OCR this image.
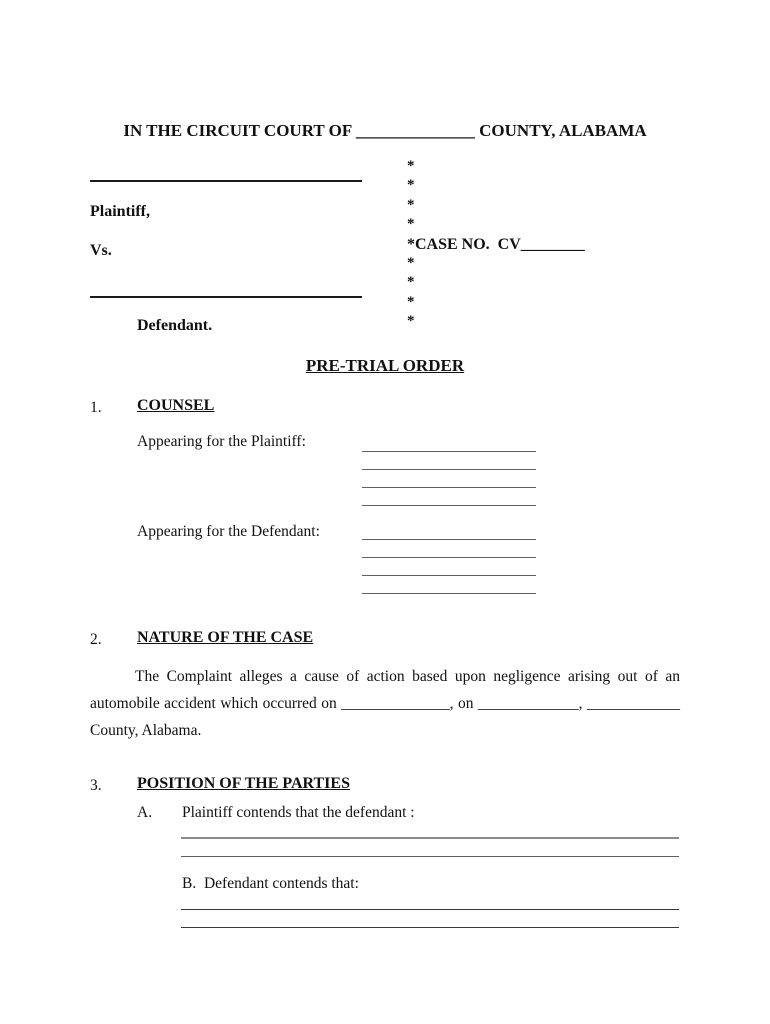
IN THE CIRCUIT COURT OF ______________ COUNTY, ALABAMA
Plaintiff,
Vs.
Defendant.
*
*
*
*
*CASE NO.  CV________
*
*
*
*
PRE-TRIAL ORDER
1. COUNSEL
Appearing for the Plaintiff:
Appearing for the Defendant:
2. NATURE OF THE CASE
The Complaint alleges a cause of action based upon negligence arising out of an
automobile accident which occurred on ______________, on _____________, ____________
County, Alabama.
3. POSITION OF THE PARTIES
A. Plaintiff contends that the defendant :
B.  Defendant contends that:
